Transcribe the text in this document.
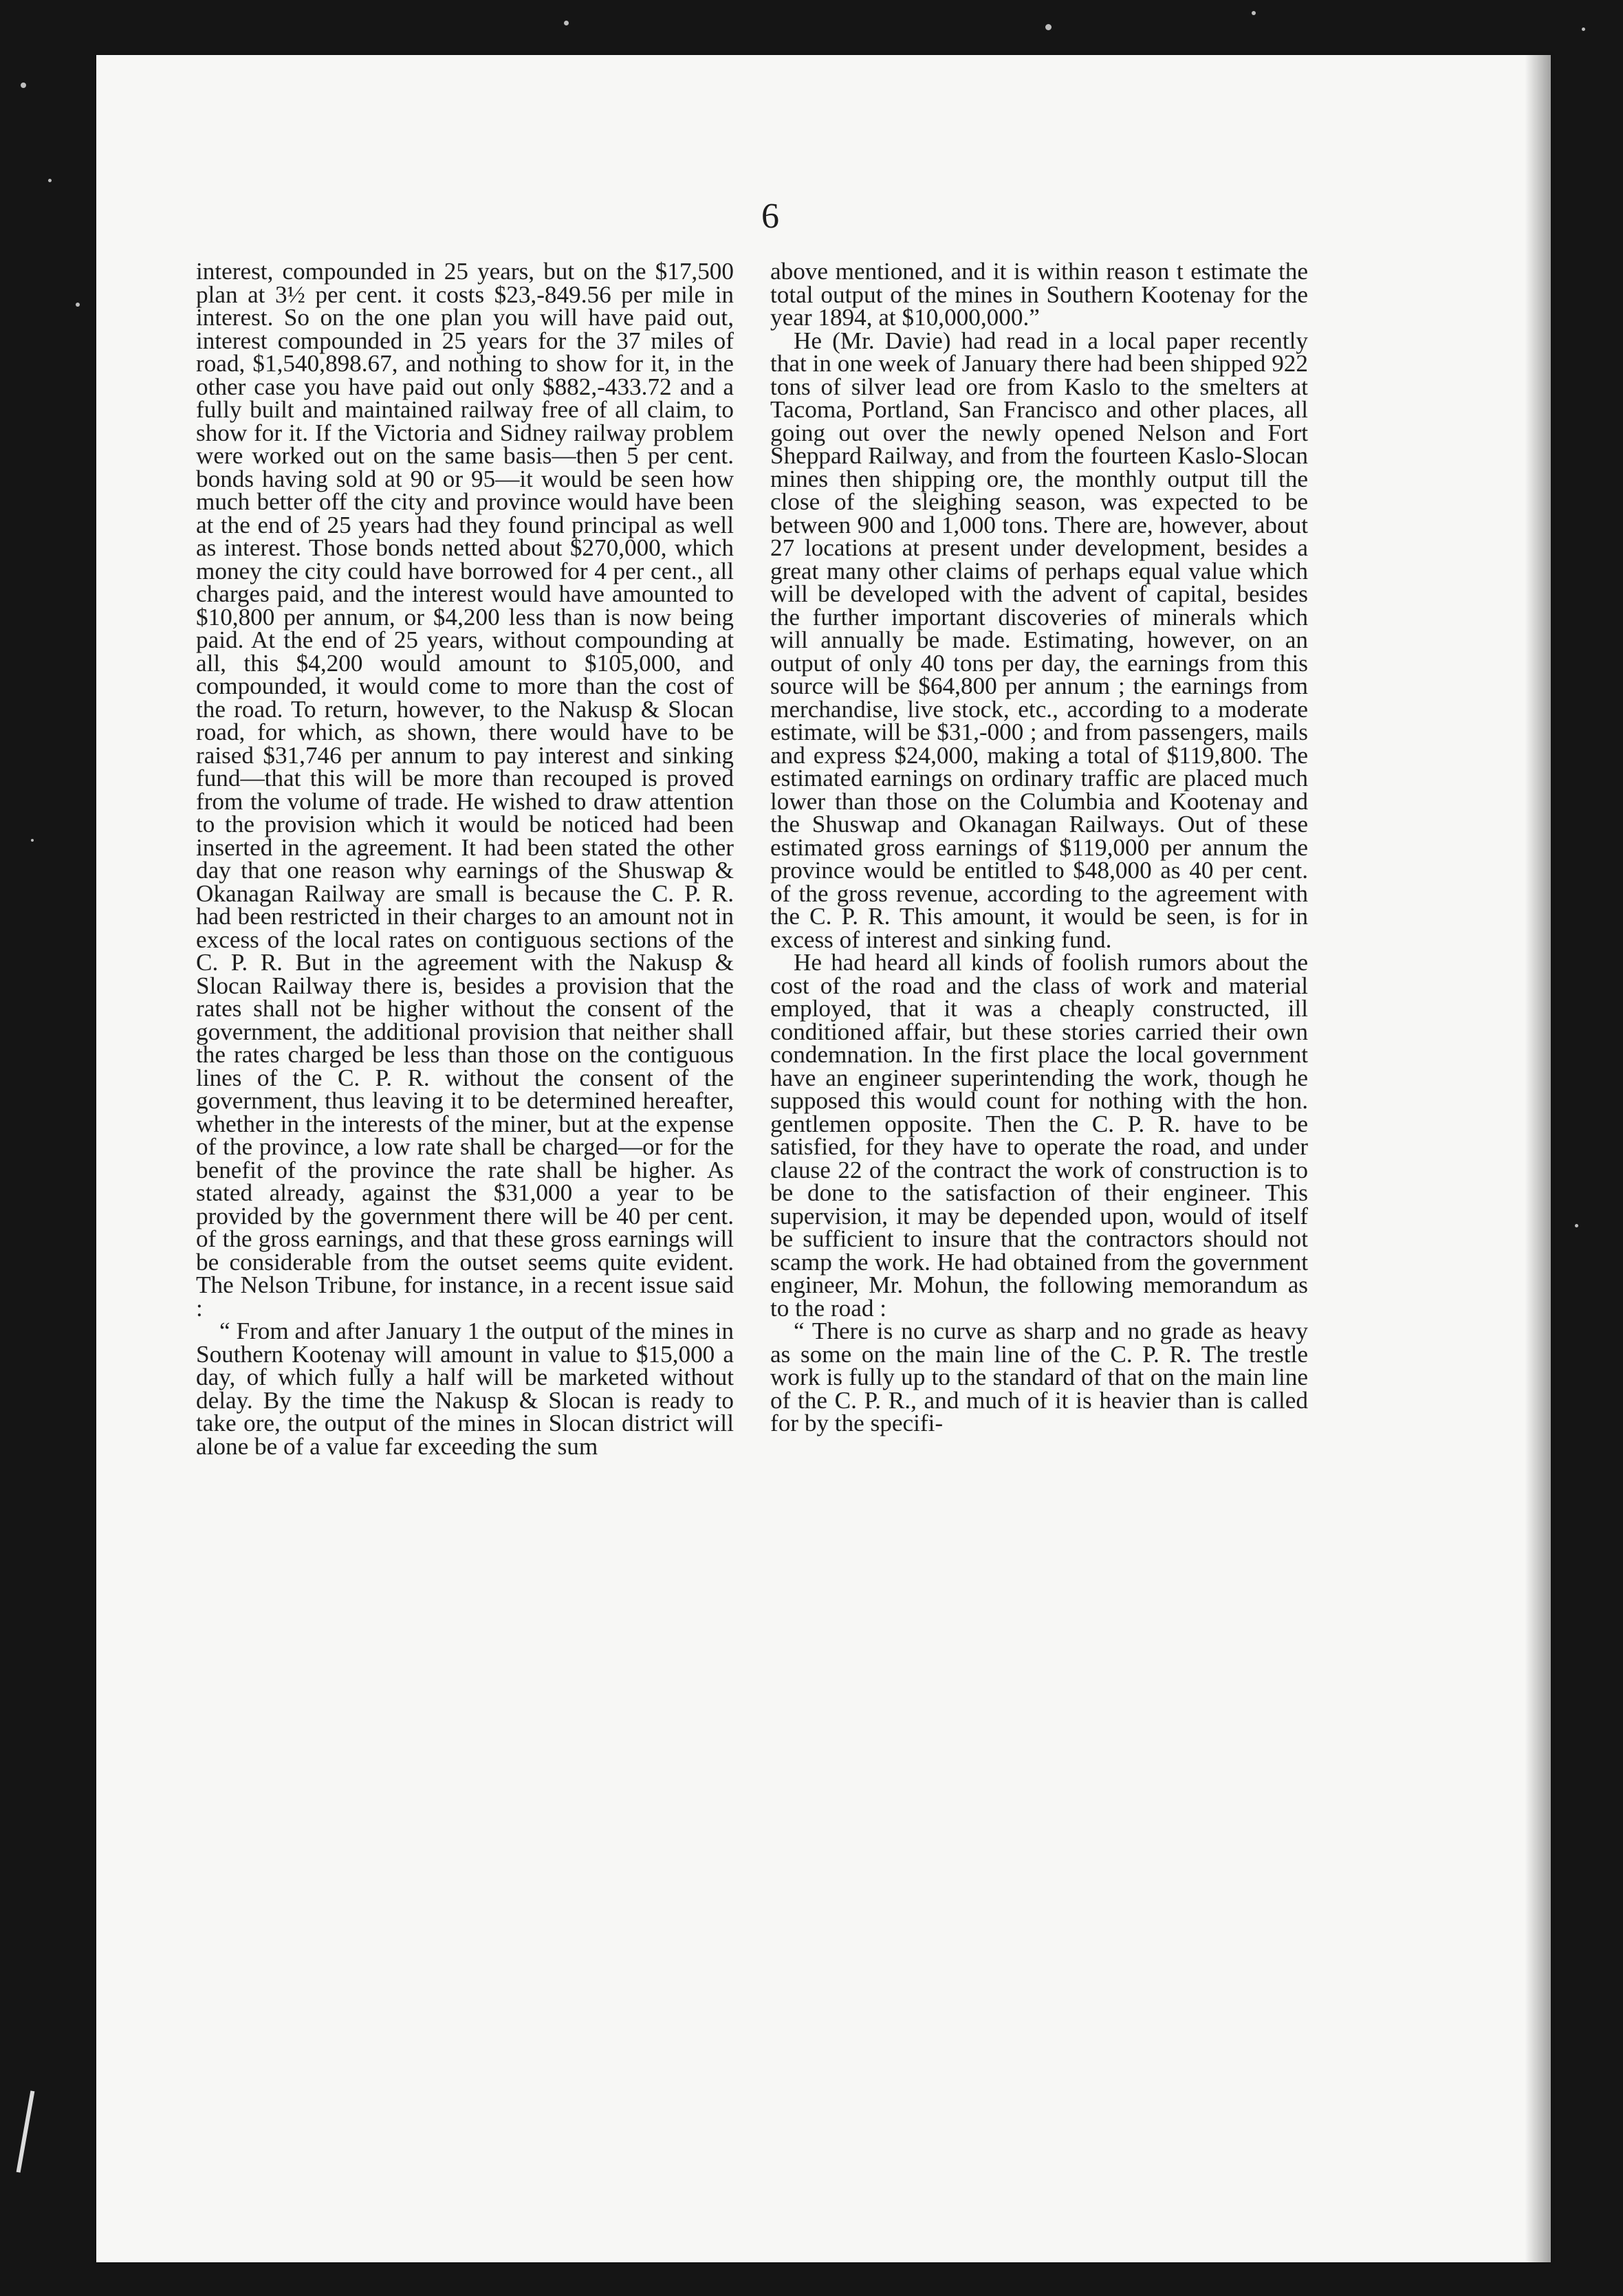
6

interest, compounded in 25 years, but on the $17,500 plan at 3½ per cent. it costs $23,-849.56 per mile in interest. So on the one plan you will have paid out, interest compounded in 25 years for the 37 miles of road, $1,540,898.67, and nothing to show for it, in the other case you have paid out only $882,-433.72 and a fully built and maintained railway free of all claim, to show for it. If the Victoria and Sidney railway problem were worked out on the same basis—then 5 per cent. bonds having sold at 90 or 95—it would be seen how much better off the city and province would have been at the end of 25 years had they found principal as well as interest. Those bonds netted about $270,000, which money the city could have borrowed for 4 per cent., all charges paid, and the interest would have amounted to $10,800 per annum, or $4,200 less than is now being paid. At the end of 25 years, without compounding at all, this $4,200 would amount to $105,000, and compounded, it would come to more than the cost of the road. To return, however, to the Nakusp & Slocan road, for which, as shown, there would have to be raised $31,746 per annum to pay interest and sinking fund—that this will be more than recouped is proved from the volume of trade. He wished to draw attention to the provision which it would be noticed had been inserted in the agreement. It had been stated the other day that one reason why earnings of the Shuswap & Okanagan Railway are small is because the C. P. R. had been restricted in their charges to an amount not in excess of the local rates on contiguous sections of the C. P. R. But in the agreement with the Nakusp & Slocan Railway there is, besides a provision that the rates shall not be higher without the consent of the government, the additional provision that neither shall the rates charged be less than those on the contiguous lines of the C. P. R. without the consent of the government, thus leaving it to be determined hereafter, whether in the interests of the miner, but at the expense of the province, a low rate shall be charged—or for the benefit of the province the rate shall be higher. As stated already, against the $31,000 a year to be provided by the government there will be 40 per cent. of the gross earnings, and that these gross earnings will be considerable from the outset seems quite evident. The Nelson Tribune, for instance, in a recent issue said :

“ From and after January 1 the output of the mines in Southern Kootenay will amount in value to $15,000 a day, of which fully a half will be marketed without delay. By the time the Nakusp & Slocan is ready to take ore, the output of the mines in Slocan district will alone be of a value far exceeding the sum

above mentioned, and it is within reason t estimate the total output of the mines in Southern Kootenay for the year 1894, at $10,000,000.”

He (Mr. Davie) had read in a local paper recently that in one week of January there had been shipped 922 tons of silver lead ore from Kaslo to the smelters at Tacoma, Portland, San Francisco and other places, all going out over the newly opened Nelson and Fort Sheppard Railway, and from the fourteen Kaslo-Slocan mines then shipping ore, the monthly output till the close of the sleighing season, was expected to be between 900 and 1,000 tons. There are, however, about 27 locations at present under development, besides a great many other claims of perhaps equal value which will be developed with the advent of capital, besides the further important discoveries of minerals which will annually be made. Estimating, however, on an output of only 40 tons per day, the earnings from this source will be $64,800 per annum ; the earnings from merchandise, live stock, etc., according to a moderate estimate, will be $31,-000 ; and from passengers, mails and express $24,000, making a total of $119,800. The estimated earnings on ordinary traffic are placed much lower than those on the Columbia and Kootenay and the Shuswap and Okanagan Railways. Out of these estimated gross earnings of $119,000 per annum the province would be entitled to $48,000 as 40 per cent. of the gross revenue, according to the agreement with the C. P. R. This amount, it would be seen, is for in excess of interest and sinking fund.

He had heard all kinds of foolish rumors about the cost of the road and the class of work and material employed, that it was a cheaply constructed, ill conditioned affair, but these stories carried their own condemnation. In the first place the local government have an engineer superintending the work, though he supposed this would count for nothing with the hon. gentlemen opposite. Then the C. P. R. have to be satisfied, for they have to operate the road, and under clause 22 of the contract the work of construction is to be done to the satisfaction of their engineer. This supervision, it may be depended upon, would of itself be sufficient to insure that the contractors should not scamp the work. He had obtained from the government engineer, Mr. Mohun, the following memorandum as to the road :

“ There is no curve as sharp and no grade as heavy as some on the main line of the C. P. R. The trestle work is fully up to the standard of that on the main line of the C. P. R., and much of it is heavier than is called for by the specifi-
